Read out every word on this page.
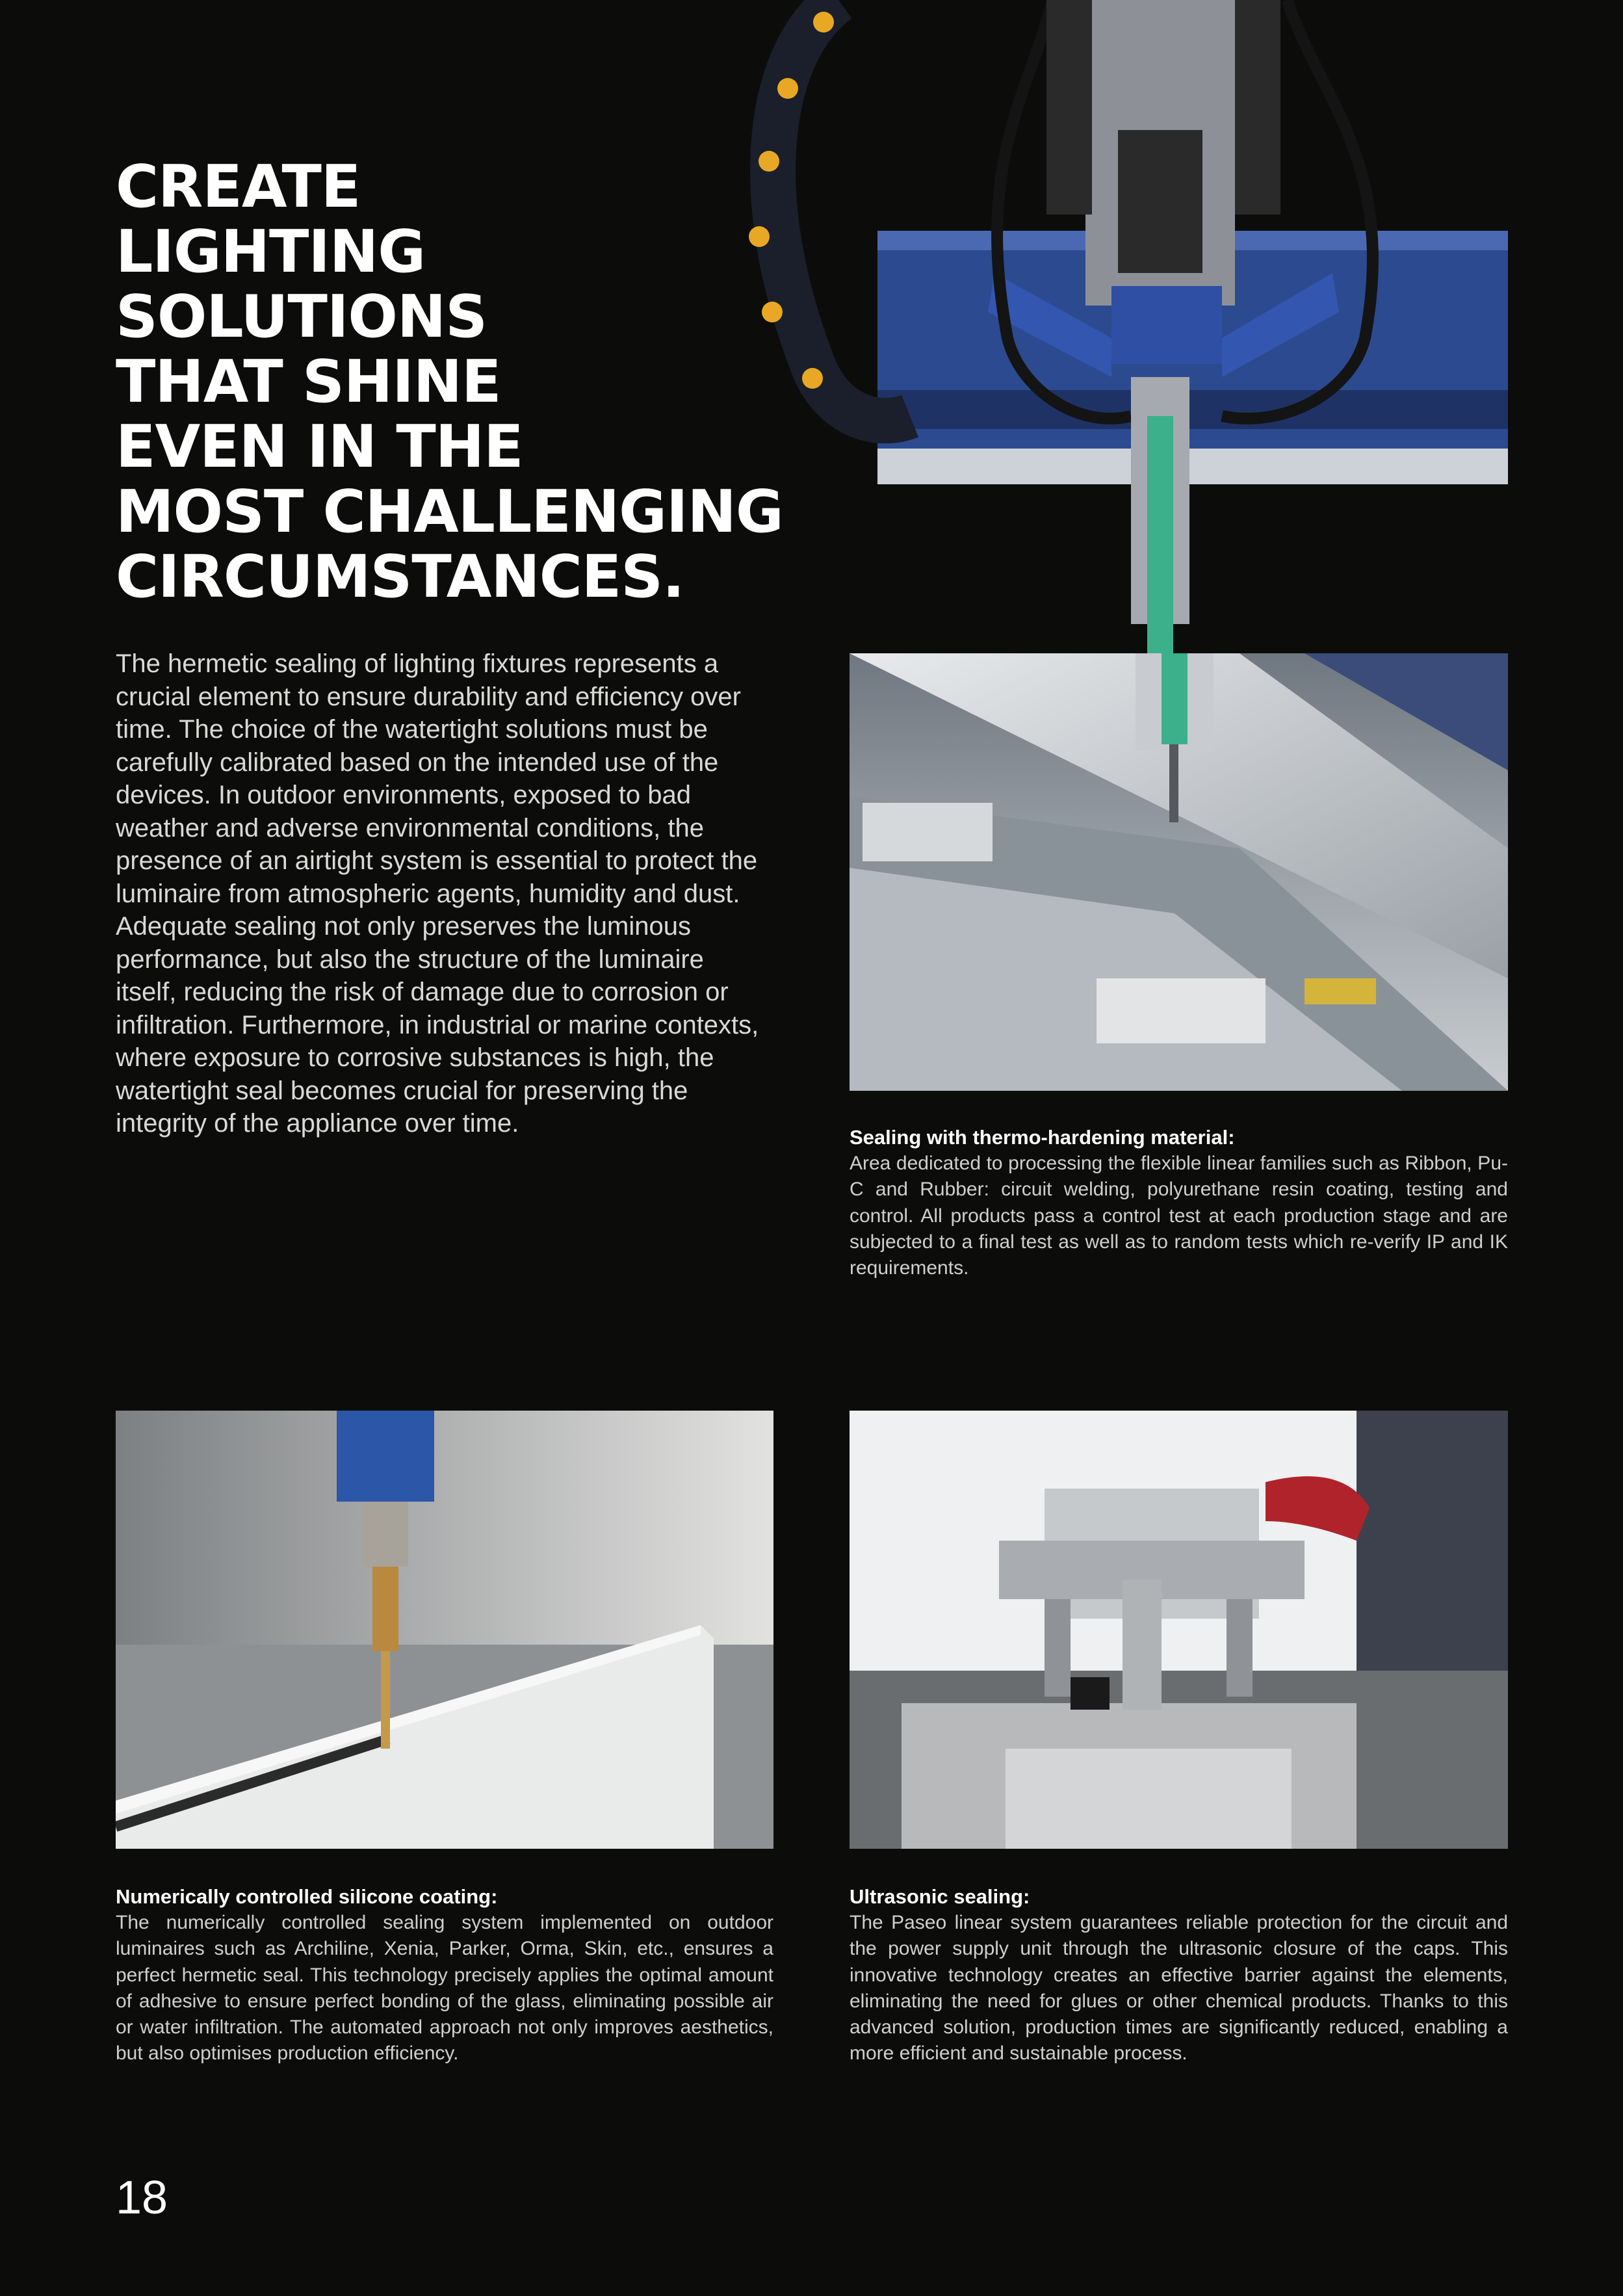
CREATE
LIGHTING
SOLUTIONS
THAT SHINE
EVEN IN THE
MOST CHALLENGING
CIRCUMSTANCES.

The hermetic sealing of lighting fixtures represents a crucial element to ensure durability and efficiency over time. The choice of the watertight solutions must be carefully calibrated based on the intended use of the devices. In outdoor environments, exposed to bad weather and adverse environmental conditions, the presence of an airtight system is essential to protect the luminaire from atmospheric agents, humidity and dust. Adequate sealing not only preserves the luminous performance, but also the structure of the luminaire itself, reducing the risk of damage due to corrosion or infiltration. Furthermore, in industrial or marine contexts, where exposure to corrosive substances is high, the watertight seal becomes crucial for preserving the integrity of the appliance over time.	Sealing with thermo-hardening material:

Area dedicated to processing the flexible linear families such as Ribbon, Pu-C and Rubber: circuit welding, polyurethane resin coating, testing and control. All products pass a control test at each production stage and are subjected to a final test as well as to random tests which re-verify IP and IK requirements.

Numerically controlled silicone coating:

The numerically controlled sealing system implemented on outdoor luminaires such as Archiline, Xenia, Parker, Orma, Skin, etc., ensures a perfect hermetic seal. This technology precisely applies the optimal amount of adhesive to ensure perfect bonding of the glass, eliminating possible air or water infiltration. The automated approach not only improves aesthetics, but also optimises production efficiency.

Ultrasonic sealing:

The Paseo linear system guarantees reliable protection for the circuit and the power supply unit through the ultrasonic closure of the caps. This innovative technology creates an effective barrier against the elements, eliminating the need for glues or other chemical products. Thanks to this advanced solution, production times are significantly reduced, enabling a more efficient and sustainable process.

18
